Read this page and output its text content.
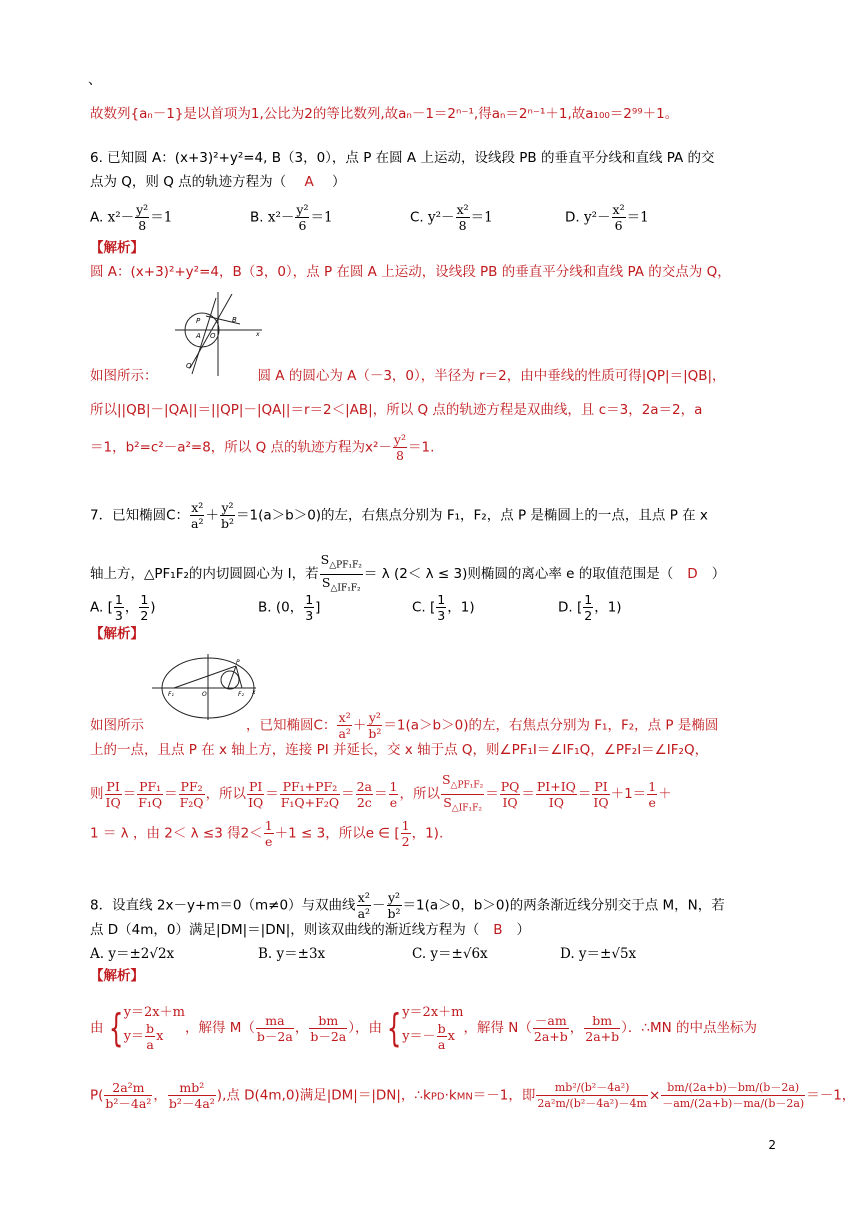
、
故数列{aₙ－1}是以首项为1,公比为2的等比数列,故aₙ－1＝2ⁿ⁻¹,得aₙ＝2ⁿ⁻¹＋1,故a₁₀₀＝2⁹⁹＋1。
6. 已知圆 A：(x+3)²+y²=4, B（3，0），点 P 在圆 A 上运动，设线段 PB 的垂直平分线和直线 PA 的交
点为 Q，则 Q 点的轨迹方程为（ A ）
A. $x^2- \frac{\text{y²}}{8} =1$	B. $x^2- \frac{\text{y²}}{6} =1$	C. $y^2- \frac{\text{x²}}{8} =1$	D. $y^2- \frac{\text{x²}}{6} =1$
【解析】
圆 A：(x+3)²+y²=4，B（3，0），点 P 在圆 A 上运动，设线段 PB 的垂直平分线和直线 PA 的交点为 Q，
P	B
O
A
Q
x
如图所示：	圆 A 的圆心为 A（－3，0），半径为 r＝2，由中垂线的性质可得|QP|＝|QB|，
所以||QB|－|QA||＝||QP|－|QA||＝r＝2＜|AB|，所以 Q 点的轨迹方程是双曲线，且 c＝3，2a＝2，a
＝1，b²=c²－a²=8，所以 Q 点的轨迹方程为$x^2- \frac{\text{y²}}{8} =1$.
7．已知椭圆C： $\frac{\text{x²}}{\text{a²}} + \frac{\text{y²}}{\text{b²}} =1(a>b>0)$的左，右焦点分别为 F₁，F₂，点 P 是椭圆上的一点，且点 P 在 x
轴上方，△PF₁F₂的内切圆圆心为 I，若 $\frac{S_{\triangle PF_1F_2}}{S_{\triangle IF_1F_2}} = \lambda$ (2＜ λ ≤ 3)则椭圆的离心率 e 的取值范围是（ D ）
A. [ $\frac{1}{3}$ ， $\frac{1}{2}$ )	B. (0， $\frac{1}{3}$ ]	C. [ $\frac{1}{3}$ ，1)	D. [ $\frac{1}{2}$ ，1)
【解析】
F₁	O	F₂
P
x
如图所示	，已知椭圆C： $\frac{\text{x²}}{\text{a²}} + \frac{\text{y²}}{\text{b²}} =1(a>b>0)$的左，右焦点分别为 F₁，F₂，点 P 是椭圆
上的一点，且点 P 在 x 轴上方，连接 PI 并延长，交 x 轴于点 Q，则∠PF₁I＝∠IF₁Q，∠PF₂I＝∠IF₂Q，
则 $\frac{PI}{IQ} = \frac{\text{PF₁}}{\text{F₁Q}} = \frac{\text{PF₂}}{\text{F₂Q}}$ ，所以 $\frac{PI}{IQ} = \frac{\text{PF₁+PF₂}}{\text{F₁Q+F₂Q}} = \frac{2a}{2c} = \frac{1}{e}$ ，所以 $\frac{S_{\triangle PF_1F_2}}{S_{\triangle IF_1F_2}} = \frac{PQ}{IQ} = \frac{PI+IQ}{IQ} = \frac{PI}{IQ} +1= \frac{1}{e}$ ＋
1 ＝ λ ，由 2＜ λ ≤3 得$2< \frac{1}{e} +1 \le 3$，所以e ∈ [ $\frac{1}{2}$ ，1).
8．设直线 2x－y+m＝0（m≠0）与双曲线 $\frac{\text{x²}}{\text{a²}} - \frac{\text{y²}}{\text{b²}} =1(a>0$，b＞0)的两条渐近线分别交于点 M，N，若
点 D（4m，0）满足|DM|＝|DN|，则该双曲线的渐近线方程为（ B ）
A. y＝±2√2x	B. y＝±3x	C. y＝±√6x	D. y＝±√5x
【解析】
由 {y＝2x＋m
$y= \frac{b}{a}$ x，解得 $M( \frac{ma}{b-2a}$ ， $\frac{bm}{b-2a}$ ），由 {y＝2x＋m
$y=- \frac{b}{a}$ x，解得 $N( \frac{-am}{2a+b}$ ， $\frac{bm}{2a+b}$ ）．∴MN 的中点坐标为
$P( \frac{\text{2a²m}}{\text{b²－4a²}}$ ， $\frac{\text{mb²}}{\text{b²－4a²}}$ ),点 D(4m,0)满足|DM|＝|DN|，∴kPD·kMN＝－1，即 $\frac{\text{mb²/(b²－4a²)}}{\text{2a²m/(b²－4a²)－4m}} \times \frac{bm/(2a+b)-bm/(b-2a)}{-am/(2a+b)-ma/(b-2a)} =-1$，
2
